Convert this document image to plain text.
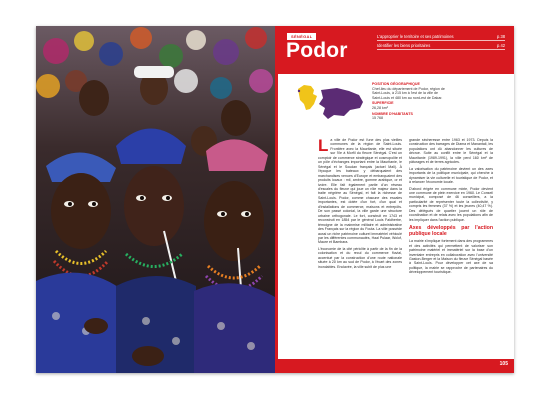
SÉNÉGAL
Podor
L'approprier le territoire et ses patrimoines	p.38
Identifier les biens prioritaires	p.42
POSITION GÉOGRAPHIQUE
Chef-lieu du département de Podor, région de Saint-Louis, à 215 km à l'est de la ville de Saint-Louis et 480 km au nord-est de Dakar.
SUPERFICIE
26,28 km²
NOMBRE D'HABITANTS
15 768

La ville de Podor est l'une des plus vieilles communes de la région de Saint-Louis. Frontière avec la Mauritanie, elle est située sur l'île à Morfil du fleuve Sénégal. C'est un comptoir de commerce stratégique et cosmopolite et un pôle d'échanges important entre la Mauritanie, le Sénégal et le Soudan français (actuel Mali). À l'époque les bateaux y débarquaient des marchandises venues d'Europe et embarquaient des produits locaux : mil, ambre, gomme arabique, or et ivoire. Elle fait également partie d'un réseau d'escales du fleuve qui joue un rôle majeur dans la traite négrière au Sénégal, et fait la richesse de Saint-Louis. Podor, comme chacune des escales importantes, est dotée d'un fort, d'un quai et d'installations de commerce, maisons et entrepôts. De son passé colonial, la ville garde une structure urbaine orthogonale. Le fort, construit en 1743 et reconstruit en 1854 par le général Louis Faidherbe, témoigne de la mainmise militaire et administrative des Français sur la région du Fouta. La ville possède aussi un riche patrimoine culturel immatériel véhiculé par les différentes communautés, Haal Pulaar, Wolof, Maure et Bambara.

L'économie de la cité périclite à partir de la fin de la colonisation et du recul du commerce fluvial, accentué par la construction d'une route nationale située à 20 km au sud de Podor, à l'écart des zones inondables. Enclavée, la ville subit de plus une

grande sécheresse entre 1963 et 1973. Depuis la construction des barrages de Diama et Manantali, les populations ont dû abandonner les cultures de décrue. Suite au conflit entre le Sénégal et la Mauritanie (1989-1991), la ville perd 160 km² de pâturages et de terres agricoles.

La valorisation du patrimoine devient un des axes importants de la politique municipale, qui cherche à dynamiser la vie culturelle et touristique de Podor, et à relancer l'économie locale.

D'abord érigée en commune mixte, Podor devient une commune de plein exercice en 1960. Le Conseil municipal, composé de 46 conseillers, a la particularité de représenter toute la collectivité, y compris les femmes (37 %) et les jeunes (40,47 %). Des délégués de quartier jouent un rôle de coordination et de relais avec les populations afin de les impliquer dans l'action publique.

Axes développés par l'action publique locale

La mairie s'implique fortement dans des programmes et des activités qui permettent de valoriser son patrimoine matériel et immatériel sur la base d'un inventaire entrepris en collaboration avec l'université Gaston-Berger et la Maison du fleuve Sénégal basée à Saint-Louis. Pour développer cet axe de sa politique, la mairie se rapproche de partenaires du développement touristique.

105
